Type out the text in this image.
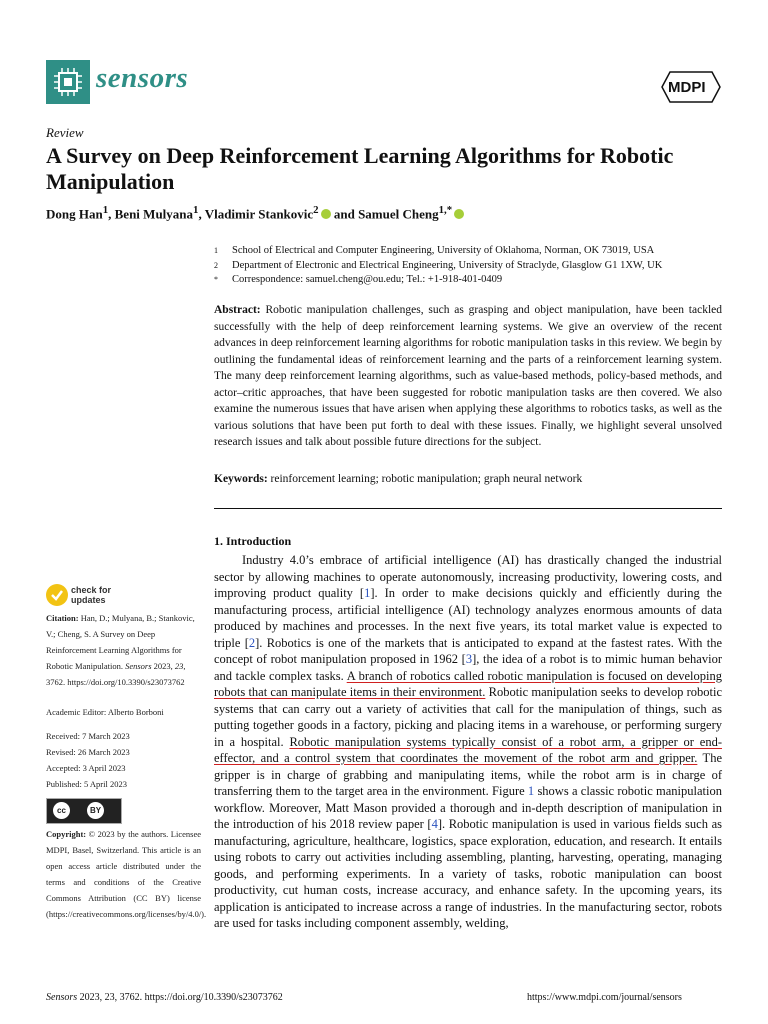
sensors	MDPI
Review
A Survey on Deep Reinforcement Learning Algorithms for Robotic Manipulation
Dong Han$^1$, Beni Mulyana$^1$, Vladimir Stankovic$^2$ and Samuel Cheng$^{1,*}$
1 School of Electrical and Computer Engineering, University of Oklahoma, Norman, OK 73019, USA
2 Department of Electronic and Electrical Engineering, University of Straclyde, Glasglow G1 1XW, UK
* Correspondence: samuel.cheng@ou.edu; Tel.: +1-918-401-0409
Abstract: Robotic manipulation challenges, such as grasping and object manipulation, have been tackled successfully with the help of deep reinforcement learning systems. We give an overview of the recent advances in deep reinforcement learning algorithms for robotic manipulation tasks in this review. We begin by outlining the fundamental ideas of reinforcement learning and the parts of a reinforcement learning system. The many deep reinforcement learning algorithms, such as value-based methods, policy-based methods, and actor–critic approaches, that have been suggested for robotic manipulation tasks are then covered. We also examine the numerous issues that have arisen when applying these algorithms to robotics tasks, as well as the various solutions that have been put forth to deal with these issues. Finally, we highlight several unsolved research issues and talk about possible future directions for the subject.
Keywords: reinforcement learning; robotic manipulation; graph neural network
1. Introduction

Industry 4.0’s embrace of artificial intelligence (AI) has drastically changed the industrial sector by allowing machines to operate autonomously, increasing productivity, lowering costs, and improving product quality [1]. In order to make decisions quickly and efficiently during the manufacturing process, artificial intelligence (AI) technology analyzes enormous amounts of data produced by machines and processes. In the next five years, its total market value is expected to triple [2]. Robotics is one of the markets that is anticipated to expand at the fastest rates. With the concept of robot manipulation proposed in 1962 [3], the idea of a robot is to mimic human behavior and tackle complex tasks. A branch of robotics called robotic manipulation is focused on developing robots that can manipulate items in their environment. Robotic manipulation seeks to develop robotic systems that can carry out a variety of activities that call for the manipulation of things, such as putting together goods in a factory, picking and placing items in a warehouse, or performing surgery in a hospital. Robotic manipulation systems typically consist of a robot arm, a gripper or end-effector, and a control system that coordinates the movement of the robot arm and gripper. The gripper is in charge of grabbing and manipulating items, while the robot arm is in charge of transferring them to the target area in the environment. Figure 1 shows a classic robotic manipulation workflow. Moreover, Matt Mason provided a thorough and in-depth description of manipulation in the introduction of his 2018 review paper [4]. Robotic manipulation is used in various fields such as manufacturing, agriculture, healthcare, logistics, space exploration, education, and research. It entails using robots to carry out activities including assembling, planting, harvesting, operating, managing goods, and performing experiments. In a variety of tasks, robotic manipulation can boost productivity, cut human costs, increase accuracy, and enhance safety. In the upcoming years, its application is anticipated to increase across a range of industries. In the manufacturing sector, robots are used for tasks including component assembly, welding,

check for
updates
Citation: Han, D.; Mulyana, B.; Stankovic, V.; Cheng, S. A Survey on Deep Reinforcement Learning Algorithms for Robotic Manipulation. Sensors 2023, 23, 3762. https://doi.org/10.3390/s23073762
Academic Editor: Alberto Borboni
Received: 7 March 2023
Revised: 26 March 2023
Accepted: 3 April 2023
Published: 5 April 2023
cc	BY
Copyright: © 2023 by the authors. Licensee MDPI, Basel, Switzerland. This article is an open access article distributed under the terms and conditions of the Creative Commons Attribution (CC BY) license (https://creativecommons.org/licenses/by/4.0/).
Sensors 2023, 23, 3762. https://doi.org/10.3390/s23073762	https://www.mdpi.com/journal/sensors
